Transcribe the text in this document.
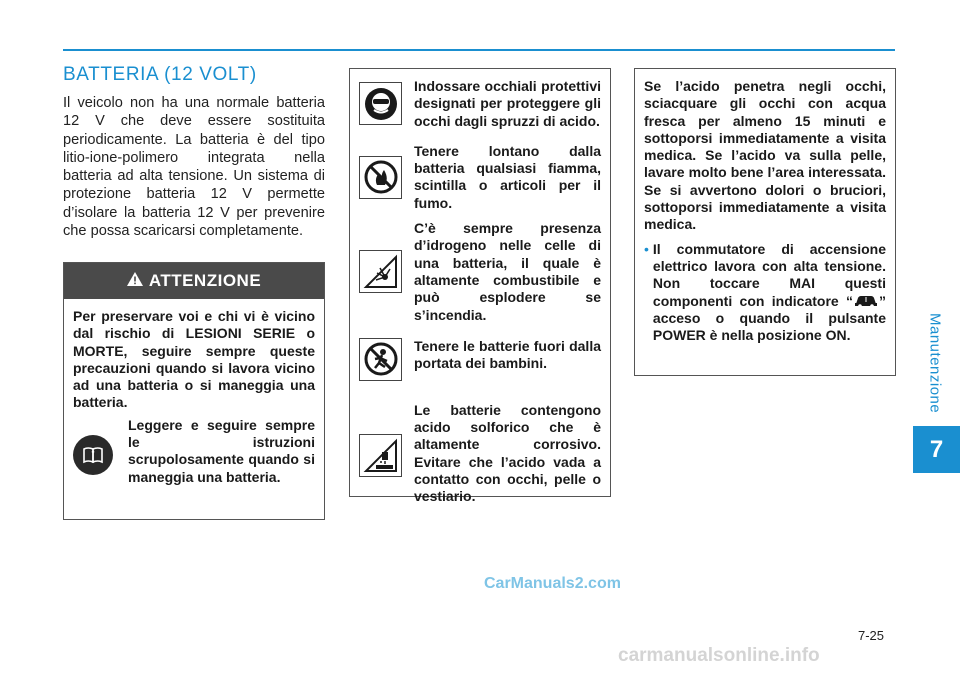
BATTERIA (12 VOLT)

Il veicolo non ha una normale batteria 12 V che deve essere sostituita periodicamente. La batteria è del tipo litio-ione-polimero integrata nella batteria ad alta tensione. Un sistema di protezione batteria 12 V permette d’isolare la batteria 12 V per prevenire che possa scaricarsi completamente.

ATTENZIONE
Per preservare voi e chi vi è vicino dal rischio di LESIONI SERIE o MORTE, seguire sempre queste precauzioni quando si lavora vicino ad una batteria o si maneggia una batteria.
Leggere e seguire sempre le istruzioni scrupolosamente quando si maneggia una batteria.
Indossare occhiali protettivi designati per proteggere gli occhi dagli spruzzi di acido.
Tenere lontano dalla batteria qualsiasi fiamma, scintilla o articoli per il fumo.
C’è sempre presenza d’idrogeno nelle celle di una batteria, il quale è altamente combustibile e può esplodere se s’incendia.
Tenere le batterie fuori dalla portata dei bambini.
Le batterie contengono acido solforico che è altamente corrosivo. Evitare che l’acido vada a contatto con occhi, pelle o vestiario.

Se l’acido penetra negli occhi, sciacquare gli occhi con acqua fresca per almeno 15 minuti e sottoporsi immediatamente a visita medica. Se l’acido va sulla pelle, lavare molto bene l’area interessata. Se si avvertono dolori o bruciori, sottoporsi immediatamente a visita medica.

• Il commutatore di accensione elettrico lavora con alta tensione. Non toccare MAI questi componenti con indicatore “ ” acceso o quando il pulsante POWER è nella posizione ON.	Manutenzione
7
CarManuals2.com
7-25
carmanualsonline.info
